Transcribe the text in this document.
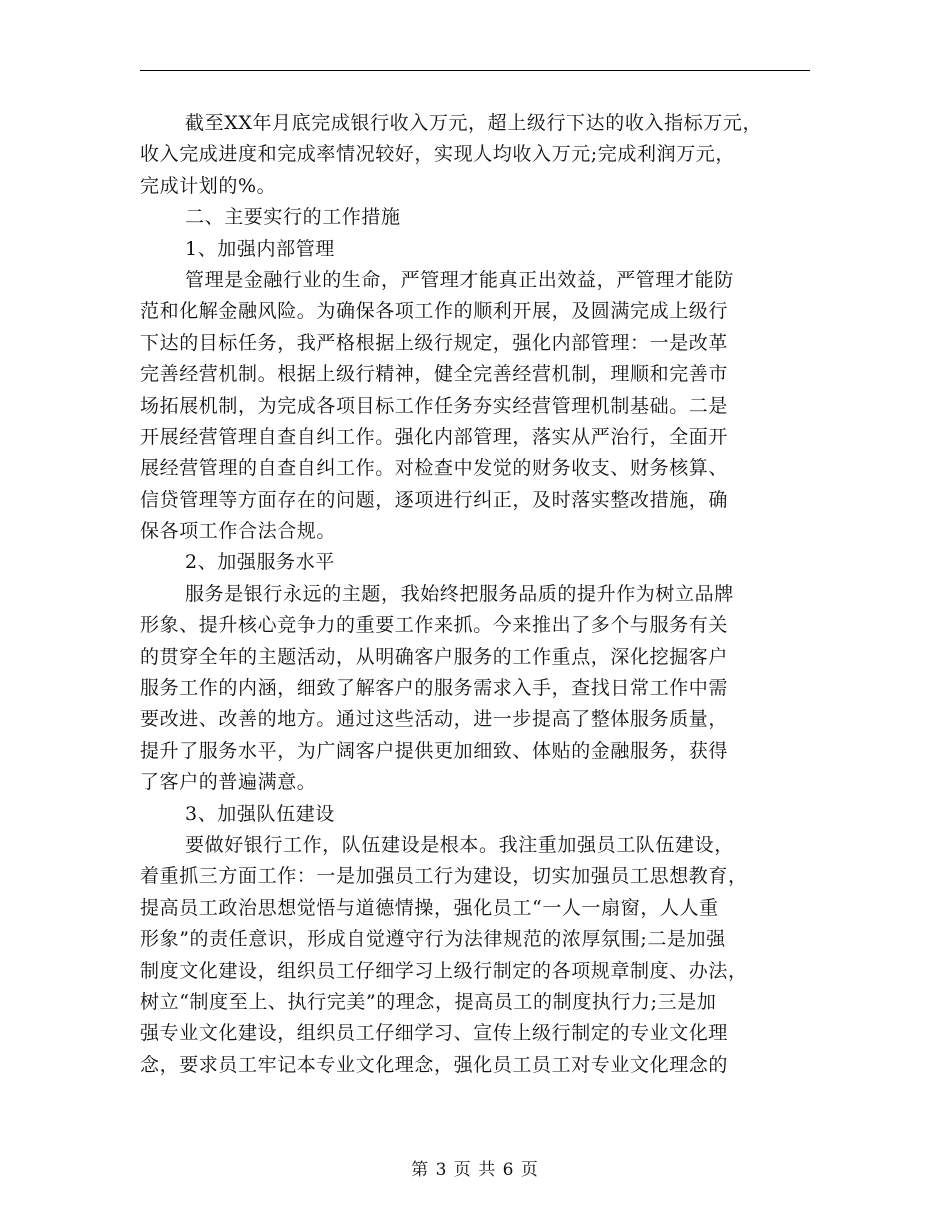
截至XX年月底完成银行收入万元，超上级行下达的收入指标万元，
收入完成进度和完成率情况较好，实现人均收入万元;完成利润万元，
完成计划的%。
二、主要实行的工作措施
1、加强内部管理
管理是金融行业的生命，严管理才能真正出效益，严管理才能防
范和化解金融风险。为确保各项工作的顺利开展，及圆满完成上级行
下达的目标任务，我严格根据上级行规定，强化内部管理：一是改革
完善经营机制。根据上级行精神，健全完善经营机制，理顺和完善市
场拓展机制，为完成各项目标工作任务夯实经营管理机制基础。二是
开展经营管理自查自纠工作。强化内部管理，落实从严治行，全面开
展经营管理的自查自纠工作。对检查中发觉的财务收支、财务核算、
信贷管理等方面存在的问题，逐项进行纠正，及时落实整改措施，确
保各项工作合法合规。
2、加强服务水平
服务是银行永远的主题，我始终把服务品质的提升作为树立品牌
形象、提升核心竞争力的重要工作来抓。今来推出了多个与服务有关
的贯穿全年的主题活动，从明确客户服务的工作重点，深化挖掘客户
服务工作的内涵，细致了解客户的服务需求入手，查找日常工作中需
要改进、改善的地方。通过这些活动，进一步提高了整体服务质量，
提升了服务水平，为广阔客户提供更加细致、体贴的金融服务，获得
了客户的普遍满意。
3、加强队伍建设
要做好银行工作，队伍建设是根本。我注重加强员工队伍建设，
着重抓三方面工作：一是加强员工行为建设，切实加强员工思想教育，
提高员工政治思想觉悟与道德情操，强化员工“一人一扇窗，人人重
形象”的责任意识，形成自觉遵守行为法律规范的浓厚氛围;二是加强
制度文化建设，组织员工仔细学习上级行制定的各项规章制度、办法，
树立“制度至上、执行完美”的理念，提高员工的制度执行力;三是加
强专业文化建设，组织员工仔细学习、宣传上级行制定的专业文化理
念，要求员工牢记本专业文化理念，强化员工员工对专业文化理念的
第 3 页 共 6 页
